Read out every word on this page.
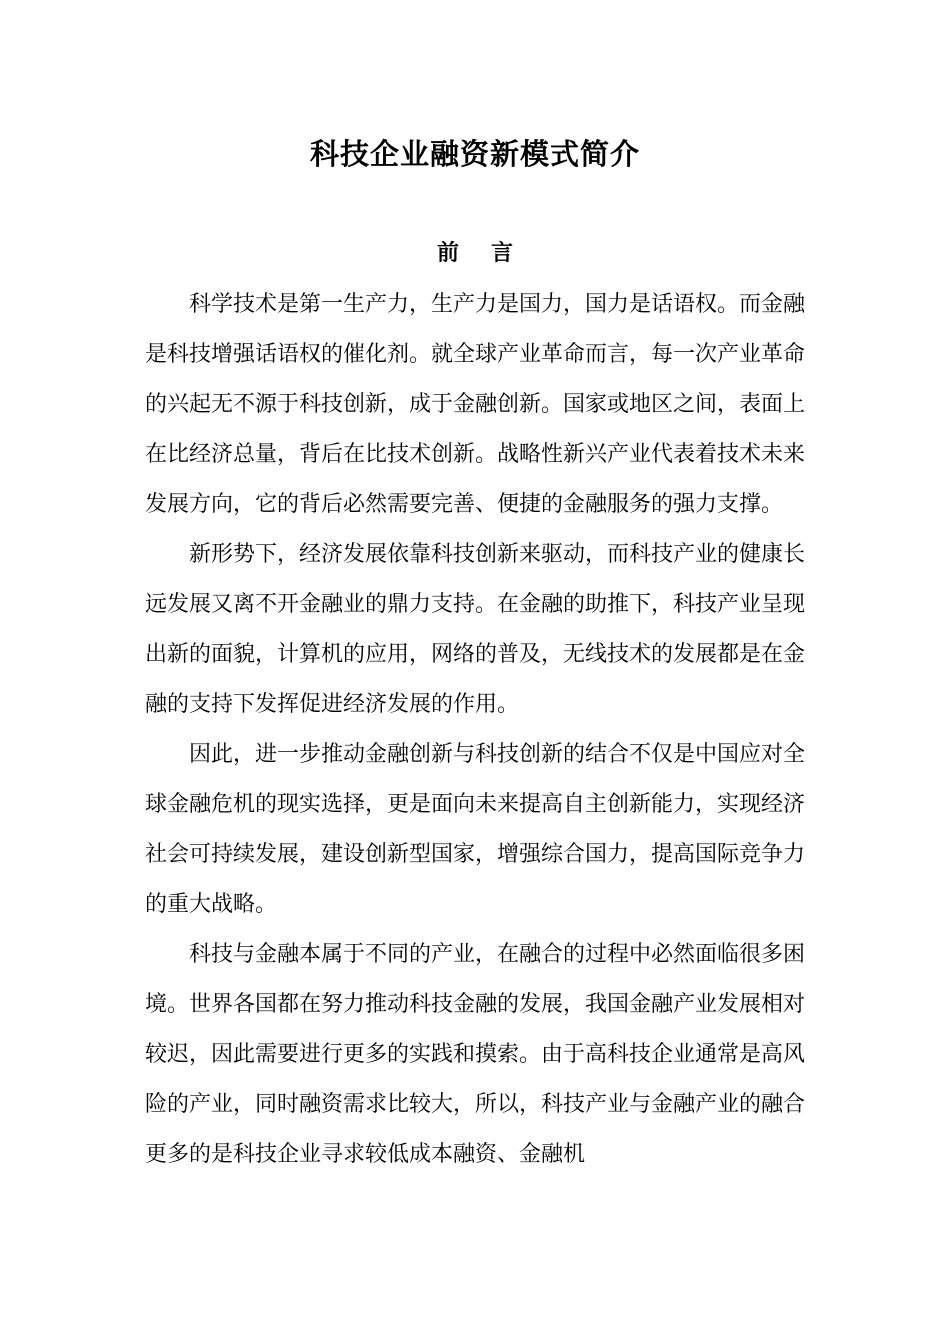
科技企业融资新模式简介
前言

科学技术是第一生产力，生产力是国力，国力是话语权。而金融是科技增强话语权的催化剂。就全球产业革命而言，每一次产业革命的兴起无不源于科技创新，成于金融创新。国家或地区之间，表面上在比经济总量，背后在比技术创新。战略性新兴产业代表着技术未来发展方向，它的背后必然需要完善、便捷的金融服务的强力支撑。

新形势下，经济发展依靠科技创新来驱动，而科技产业的健康长远发展又离不开金融业的鼎力支持。在金融的助推下，科技产业呈现出新的面貌，计算机的应用，网络的普及，无线技术的发展都是在金融的支持下发挥促进经济发展的作用。

因此，进一步推动金融创新与科技创新的结合不仅是中国应对全球金融危机的现实选择，更是面向未来提高自主创新能力，实现经济社会可持续发展，建设创新型国家，增强综合国力，提高国际竞争力的重大战略。

科技与金融本属于不同的产业，在融合的过程中必然面临很多困境。世界各国都在努力推动科技金融的发展，我国金融产业发展相对较迟，因此需要进行更多的实践和摸索。由于高科技企业通常是高风险的产业，同时融资需求比较大，所以，科技产业与金融产业的融合更多的是科技企业寻求较低成本融资、金融机
